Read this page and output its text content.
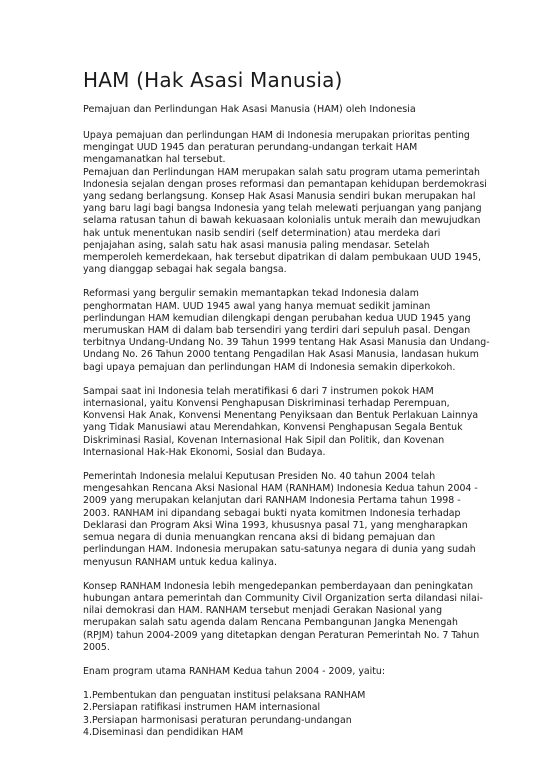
HAM (Hak Asasi Manusia)

Pemajuan dan Perlindungan Hak Asasi Manusia (HAM) oleh Indonesia

Upaya pemajuan dan perlindungan HAM di Indonesia merupakan prioritas penting mengingat UUD 1945 dan peraturan perundang-undangan terkait HAM mengamanatkan hal tersebut.

Pemajuan dan Perlindungan HAM merupakan salah satu program utama pemerintah Indonesia sejalan dengan proses reformasi dan pemantapan kehidupan berdemokrasi yang sedang berlangsung. Konsep Hak Asasi Manusia sendiri bukan merupakan hal yang baru lagi bagi bangsa Indonesia yang telah melewati perjuangan yang panjang selama ratusan tahun di bawah kekuasaan kolonialis untuk meraih dan mewujudkan hak untuk menentukan nasib sendiri (self determination) atau merdeka dari penjajahan asing, salah satu hak asasi manusia paling mendasar. Setelah memperoleh kemerdekaan, hak tersebut dipatrikan di dalam pembukaan UUD 1945, yang dianggap sebagai hak segala bangsa.

Reformasi yang bergulir semakin memantapkan tekad Indonesia dalam penghormatan HAM. UUD 1945 awal yang hanya memuat sedikit jaminan perlindungan HAM kemudian dilengkapi dengan perubahan kedua UUD 1945 yang merumuskan HAM di dalam bab tersendiri yang terdiri dari sepuluh pasal. Dengan terbitnya Undang-Undang No. 39 Tahun 1999 tentang Hak Asasi Manusia dan Undang-Undang No. 26 Tahun 2000 tentang Pengadilan Hak Asasi Manusia, landasan hukum bagi upaya pemajuan dan perlindungan HAM di Indonesia semakin diperkokoh.

Sampai saat ini Indonesia telah meratifikasi 6 dari 7 instrumen pokok HAM internasional, yaitu Konvensi Penghapusan Diskriminasi terhadap Perempuan, Konvensi Hak Anak, Konvensi Menentang Penyiksaan dan Bentuk Perlakuan Lainnya yang Tidak Manusiawi atau Merendahkan, Konvensi Penghapusan Segala Bentuk Diskriminasi Rasial, Kovenan Internasional Hak Sipil dan Politik, dan Kovenan Internasional Hak-Hak Ekonomi, Sosial dan Budaya.

Pemerintah Indonesia melalui Keputusan Presiden No. 40 tahun 2004 telah mengesahkan Rencana Aksi Nasional HAM (RANHAM) Indonesia Kedua tahun 2004 - 2009 yang merupakan kelanjutan dari RANHAM Indonesia Pertama tahun 1998 - 2003. RANHAM ini dipandang sebagai bukti nyata komitmen Indonesia terhadap Deklarasi dan Program Aksi Wina 1993, khususnya pasal 71, yang mengharapkan semua negara di dunia menuangkan rencana aksi di bidang pemajuan dan perlindungan HAM. Indonesia merupakan satu-satunya negara di dunia yang sudah menyusun RANHAM untuk kedua kalinya.

Konsep RANHAM Indonesia lebih mengedepankan pemberdayaan dan peningkatan hubungan antara pemerintah dan Community Civil Organization serta dilandasi nilai-nilai demokrasi dan HAM. RANHAM tersebut menjadi Gerakan Nasional yang merupakan salah satu agenda dalam Rencana Pembangunan Jangka Menengah (RPJM) tahun 2004-2009 yang ditetapkan dengan Peraturan Pemerintah No. 7 Tahun 2005.

Enam program utama RANHAM Kedua tahun 2004 - 2009, yaitu:

1.Pembentukan dan penguatan institusi pelaksana RANHAM
2.Persiapan ratifikasi instrumen HAM internasional
3.Persiapan harmonisasi peraturan perundang-undangan
4.Diseminasi dan pendidikan HAM
